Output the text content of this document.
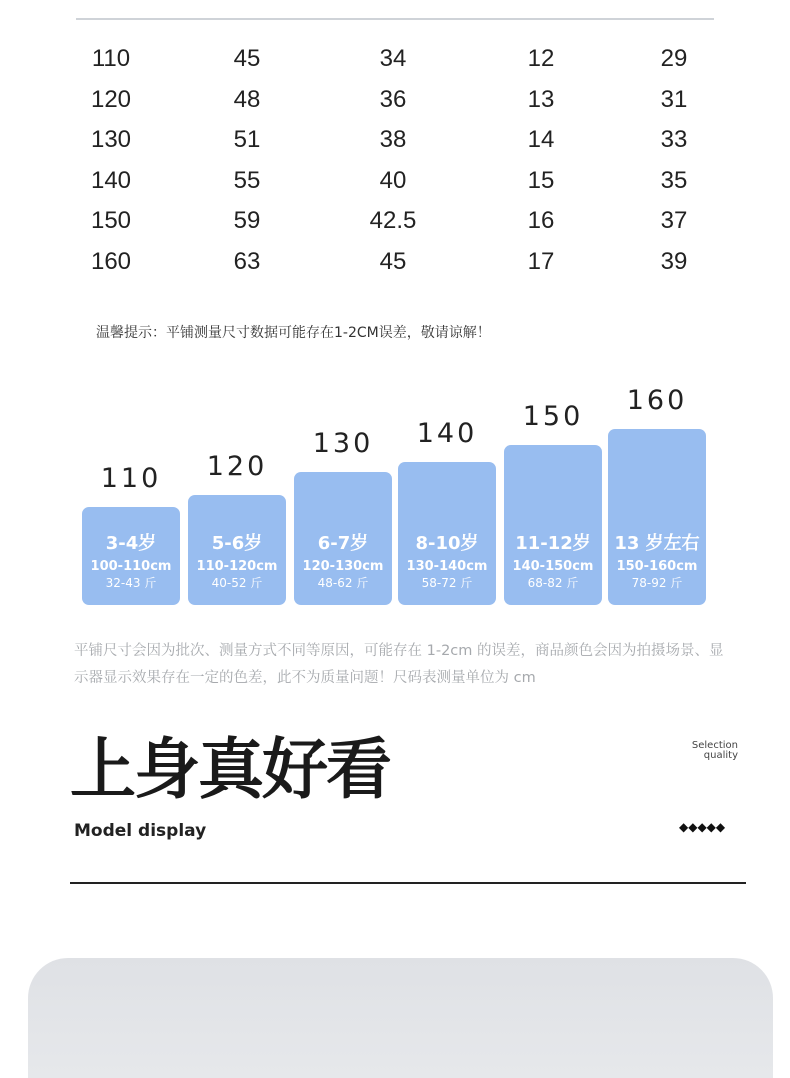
110	45	34	12	29
120	48	36	13	31
130	51	38	14	33
140	55	40	15	35
150	59	42.5	16	37
160	63	45	17	39
温馨提示：平铺测量尺寸数据可能存在1-2CM误差，敬请谅解！
110
3-4岁
100-110cm
32-43 斤
120
5-6岁
110-120cm
40-52 斤
130
6-7岁
120-130cm
48-62 斤
140
8-10岁
130-140cm
58-72 斤
150
11-12岁
140-150cm
68-82 斤
160
13 岁左右
150-160cm
78-92 斤
平铺尺寸会因为批次、测量方式不同等原因，可能存在 1-2cm 的误差，商品颜色会因为拍摄场景、显示器显示效果存在一定的色差，此不为质量问题！尺码表测量单位为 cm
上身真好看	Selection
quality
Model display	◆◆◆◆◆
